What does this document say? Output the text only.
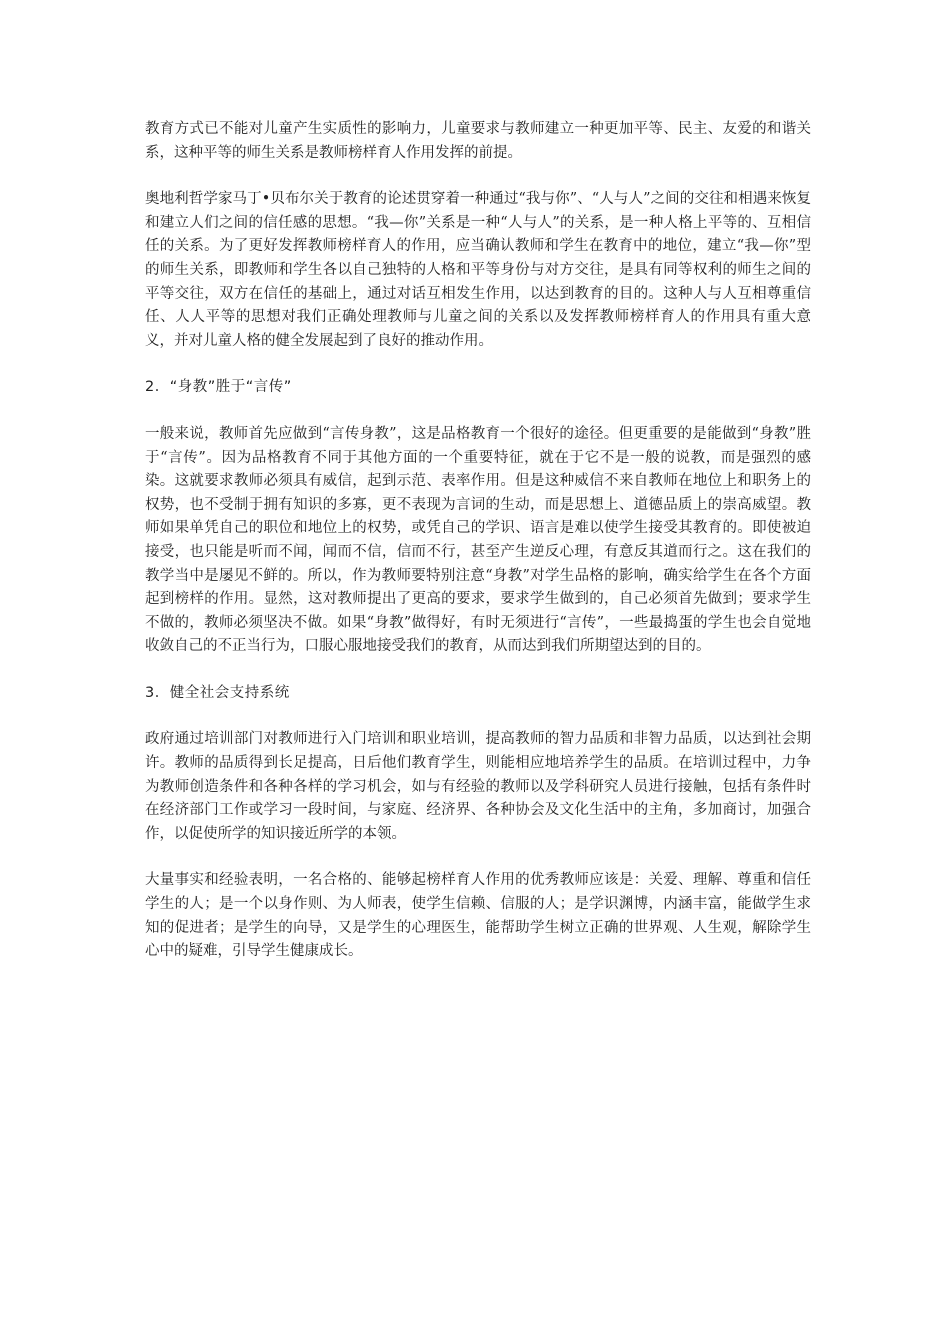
教育方式已不能对儿童产生实质性的影响力，儿童要求与教师建立一种更加平等、民主、友爱的和谐关系，这种平等的师生关系是教师榜样育人作用发挥的前提。

奥地利哲学家马丁•贝布尔关于教育的论述贯穿着一种通过“我与你”、“人与人”之间的交往和相遇来恢复和建立人们之间的信任感的思想。“我—你”关系是一种“人与人”的关系，是一种人格上平等的、互相信任的关系。为了更好发挥教师榜样育人的作用，应当确认教师和学生在教育中的地位，建立“我—你”型的师生关系，即教师和学生各以自己独特的人格和平等身份与对方交往，是具有同等权利的师生之间的平等交往，双方在信任的基础上，通过对话互相发生作用，以达到教育的目的。这种人与人互相尊重信任、人人平等的思想对我们正确处理教师与儿童之间的关系以及发挥教师榜样育人的作用具有重大意义，并对儿童人格的健全发展起到了良好的推动作用。

2．“身教”胜于“言传”

一般来说，教师首先应做到“言传身教”，这是品格教育一个很好的途径。但更重要的是能做到“身教”胜于“言传”。因为品格教育不同于其他方面的一个重要特征，就在于它不是一般的说教，而是强烈的感染。这就要求教师必须具有威信，起到示范、表率作用。但是这种威信不来自教师在地位上和职务上的权势，也不受制于拥有知识的多寡，更不表现为言词的生动，而是思想上、道德品质上的崇高威望。教师如果单凭自己的职位和地位上的权势，或凭自己的学识、语言是难以使学生接受其教育的。即使被迫接受，也只能是听而不闻，闻而不信，信而不行，甚至产生逆反心理，有意反其道而行之。这在我们的教学当中是屡见不鲜的。所以，作为教师要特别注意“身教”对学生品格的影响，确实给学生在各个方面起到榜样的作用。显然，这对教师提出了更高的要求，要求学生做到的，自己必须首先做到；要求学生不做的，教师必须坚决不做。如果“身教”做得好，有时无须进行“言传”，一些最捣蛋的学生也会自觉地收敛自己的不正当行为，口服心服地接受我们的教育，从而达到我们所期望达到的目的。

3．健全社会支持系统

政府通过培训部门对教师进行入门培训和职业培训，提高教师的智力品质和非智力品质，以达到社会期许。教师的品质得到长足提高，日后他们教育学生，则能相应地培养学生的品质。在培训过程中，力争为教师创造条件和各种各样的学习机会，如与有经验的教师以及学科研究人员进行接触，包括有条件时在经济部门工作或学习一段时间，与家庭、经济界、各种协会及文化生活中的主角，多加商讨，加强合作，以促使所学的知识接近所学的本领。

大量事实和经验表明，一名合格的、能够起榜样育人作用的优秀教师应该是：关爱、理解、尊重和信任学生的人；是一个以身作则、为人师表，使学生信赖、信服的人；是学识渊博，内涵丰富，能做学生求知的促进者；是学生的向导，又是学生的心理医生，能帮助学生树立正确的世界观、人生观，解除学生心中的疑难，引导学生健康成长。
